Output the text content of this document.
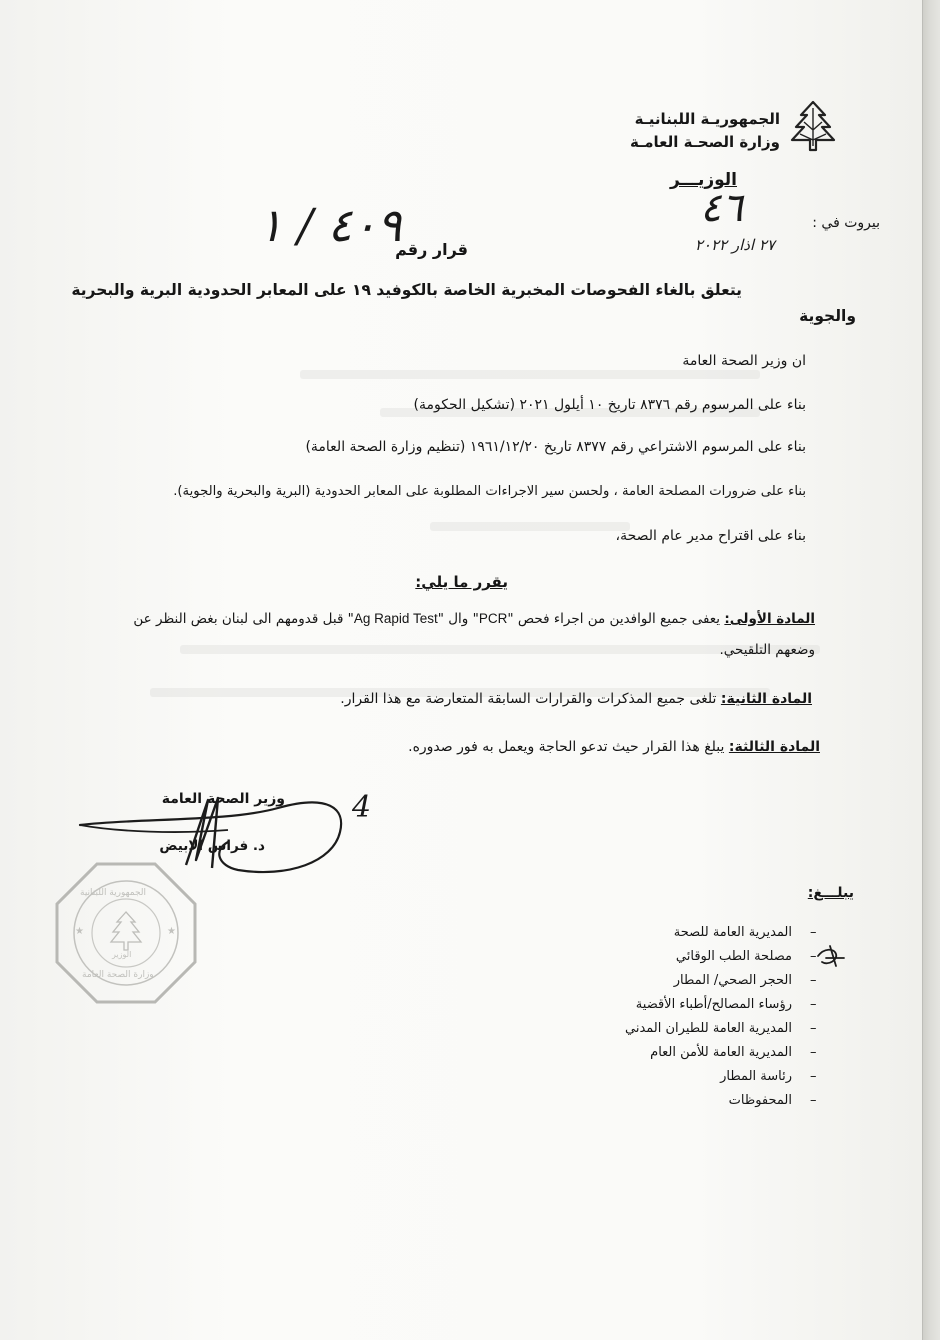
الجمهوريـة اللبنانيـة
وزارة الصحـة العامـة
الوزيـــر
٤٦	بيروت في :
٢٧ اذار ٢٠٢٢
قرار رقم
٤٠٩ / ١
يتعلق بالغاء الفحوصات المخبرية الخاصة بالكوفيد ١٩ على المعابر الحدودية البرية والبحرية
والجوية
ان وزير الصحة العامة
بناء على المرسوم رقم ٨٣٧٦ تاريخ ١٠ أيلول ٢٠٢١ (تشكيل الحكومة)
بناء على المرسوم الاشتراعي رقم ٨٣٧٧ تاريخ ١٩٦١/١٢/٢٠ (تنظيم وزارة الصحة العامة)
بناء على ضرورات المصلحة العامة ، ولحسن سير الاجراءات المطلوبة على المعابر الحدودية (البرية والبحرية والجوية).
بناء على اقتراح مدير عام الصحة،
يقرر ما يلي:
المادة الأولى: يعفى جميع الوافدين من اجراء فحص "PCR" وال "Ag Rapid Test" قبل قدومهم الى لبنان بغض النظر عن
وضعهم التلقيحي.
المادة الثانية: تلغى جميع المذكرات والقرارات السابقة المتعارضة مع هذا القرار.
المادة الثالثة: يبلغ هذا القرار حيث تدعو الحاجة ويعمل به فور صدوره.
وزير الصحة العامة
د. فراس الابيض
4
★	★
الجمهورية اللبنانية
الوزير
وزارة الصحة العامة
يبلـــغ:
المديرية العامة للصحة
مصلحة الطب الوقائي
الحجر الصحي/ المطار
رؤساء المصالح/أطباء الأقضية
المديرية العامة للطيران المدني
المديرية العامة للأمن العام
رئاسة المطار
المحفوظات
–
–
–
–
–
–
–
–
